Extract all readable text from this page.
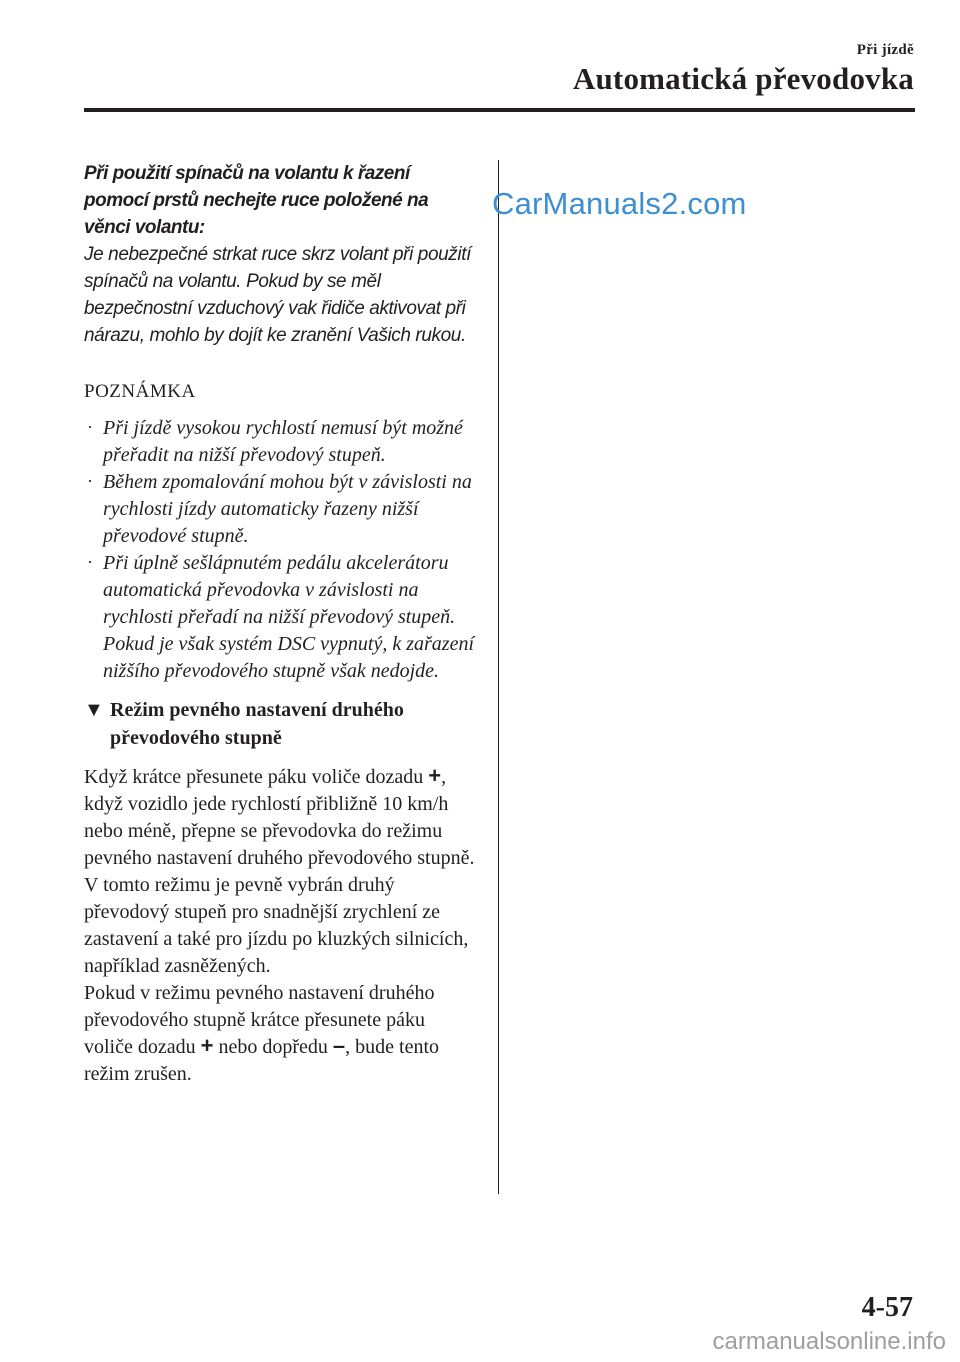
Při jízdě
Automatická převodovka
Při použití spínačů na volantu k řazení pomocí prstů nechejte ruce položené na věnci volantu:
Je nebezpečné strkat ruce skrz volant při použití spínačů na volantu. Pokud by se měl bezpečnostní vzduchový vak řidiče aktivovat při nárazu, mohlo by dojít ke zranění Vašich rukou.
POZNÁMKA
· Při jízdě vysokou rychlostí nemusí být možné přeřadit na nižší převodový stupeň.
· Během zpomalování mohou být v závislosti na rychlosti jízdy automaticky řazeny nižší převodové stupně.
· Při úplně sešlápnutém pedálu akcelerátoru automatická převodovka v závislosti na rychlosti přeřadí na nižší převodový stupeň. Pokud je však systém DSC vypnutý, k zařazení nižšího převodového stupně však nedojde.
▼ Režim pevného nastavení druhého převodového stupně
Když krátce přesunete páku voliče dozadu +, když vozidlo jede rychlostí přibližně 10 km/h nebo méně, přepne se převodovka do režimu pevného nastavení druhého převodového stupně. V tomto režimu je pevně vybrán druhý převodový stupeň pro snadnější zrychlení ze zastavení a také pro jízdu po kluzkých silnicích, například zasněžených.
Pokud v režimu pevného nastavení druhého převodového stupně krátce přesunete páku voliče dozadu + nebo dopředu –, bude tento režim zrušen.
CarManuals2.com
4-57
carmanualsonline.info
